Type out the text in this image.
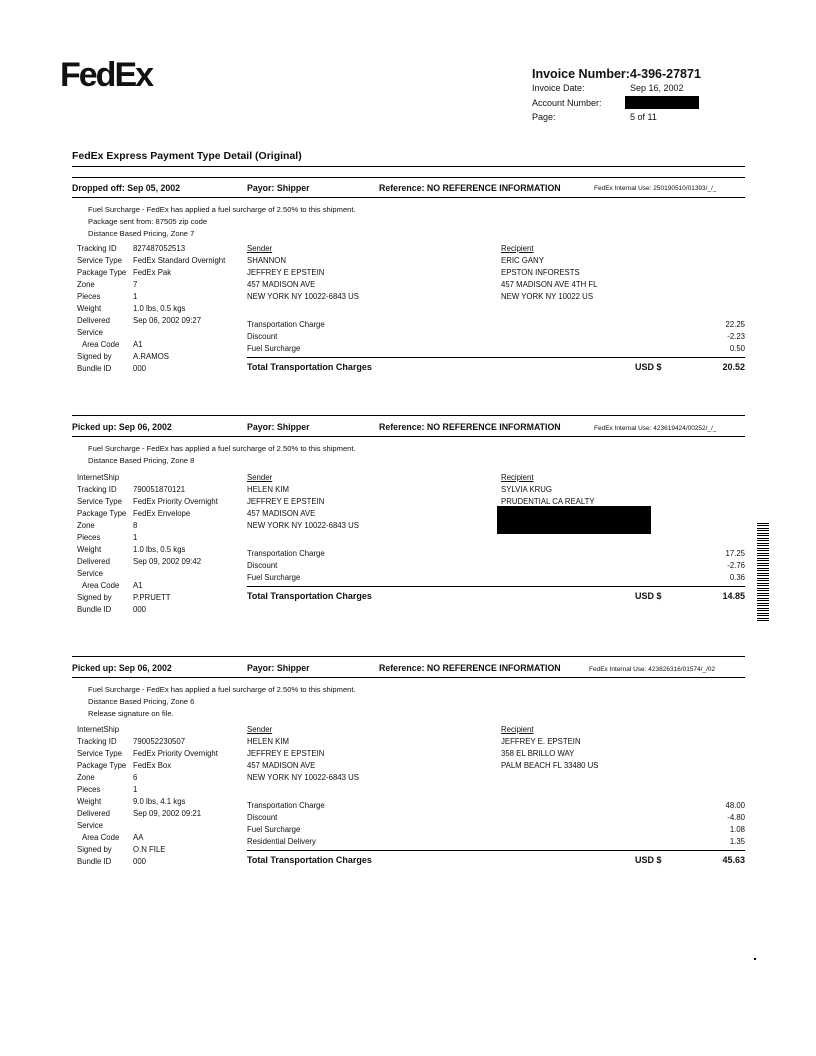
FedEx	Invoice Number: 4-396-27871
Invoice Date:	Sep 16, 2002
Account Number:
Page:	5 of 11
FedEx Express Payment Type Detail (Original)
Dropped off: Sep 05, 2002	Payor: Shipper	Reference: NO REFERENCE INFORMATION	FedEx Internal Use: 250190510/01393/_/_
Fuel Surcharge - FedEx has applied a fuel surcharge of 2.50% to this shipment.
Package sent from: 87505 zip code
Distance Based Pricing, Zone 7
Tracking ID	827487052513
Service Type	FedEx Standard Overnight
Package Type FedEx Pak
Zone	7
Pieces	1
Weight	1.0 lbs, 0.5 kgs
Delivered	Sep 06, 2002 09:27
Service
Area Code	A1
Signed by	A.RAMOS
Bundle ID	000
Sender
SHANNON
JEFFREY E EPSTEIN
457 MADISON AVE
NEW YORK NY 10022-6843 US
Recipient
ERIC GANY
EPSTON INFORESTS
457 MADISON AVE 4TH FL
NEW YORK NY 10022 US
Transportation Charge	22.25
Discount	-2.23
Fuel Surcharge	0.50
Total Transportation Charges	USD $	20.52
Picked up: Sep 06, 2002	Payor: Shipper	Reference: NO REFERENCE INFORMATION	FedEx Internal Use: 423619424/00252/_/_
Fuel Surcharge - FedEx has applied a fuel surcharge of 2.50% to this shipment.
Distance Based Pricing, Zone 8
InternetShip
Tracking ID	790051870121
Service Type	FedEx Priority Overnight
Package Type FedEx Envelope
Zone	8
Pieces	1
Weight	1.0 lbs, 0.5 kgs
Delivered	Sep 09, 2002 09:42
Service
Area Code	A1
Signed by	P.PRUETT
Bundle ID	000
Sender
HELEN KIM
JEFFREY E EPSTEIN
457 MADISON AVE
NEW YORK NY 10022-6843 US
Recipient
SYLVIA KRUG
PRUDENTIAL CA REALTY
Transportation Charge	17.25
Discount	-2.76
Fuel Surcharge	0.36
Total Transportation Charges	USD $	14.85
Picked up: Sep 06, 2002	Payor: Shipper	Reference: NO REFERENCE INFORMATION	FedEx Internal Use: 423826316/01574/_/02
Fuel Surcharge - FedEx has applied a fuel surcharge of 2.50% to this shipment.
Distance Based Pricing, Zone 6
Release signature on file.
InternetShip
Tracking ID	790052230507
Service Type	FedEx Priority Overnight
Package Type FedEx Box
Zone	6
Pieces	1
Weight	9.0 lbs, 4.1 kgs
Delivered	Sep 09, 2002 09:21
Service
Area Code	AA
Signed by	O.N FILE
Bundle ID	000
Sender
HELEN KIM
JEFFREY E EPSTEIN
457 MADISON AVE
NEW YORK NY 10022-6843 US
Recipient
JEFFREY E. EPSTEIN
358 EL BRILLO WAY
PALM BEACH FL 33480 US
Transportation Charge	48.00
Discount	-4.80
Fuel Surcharge	1.08
Residential Delivery	1.35
Total Transportation Charges	USD $	45.63
